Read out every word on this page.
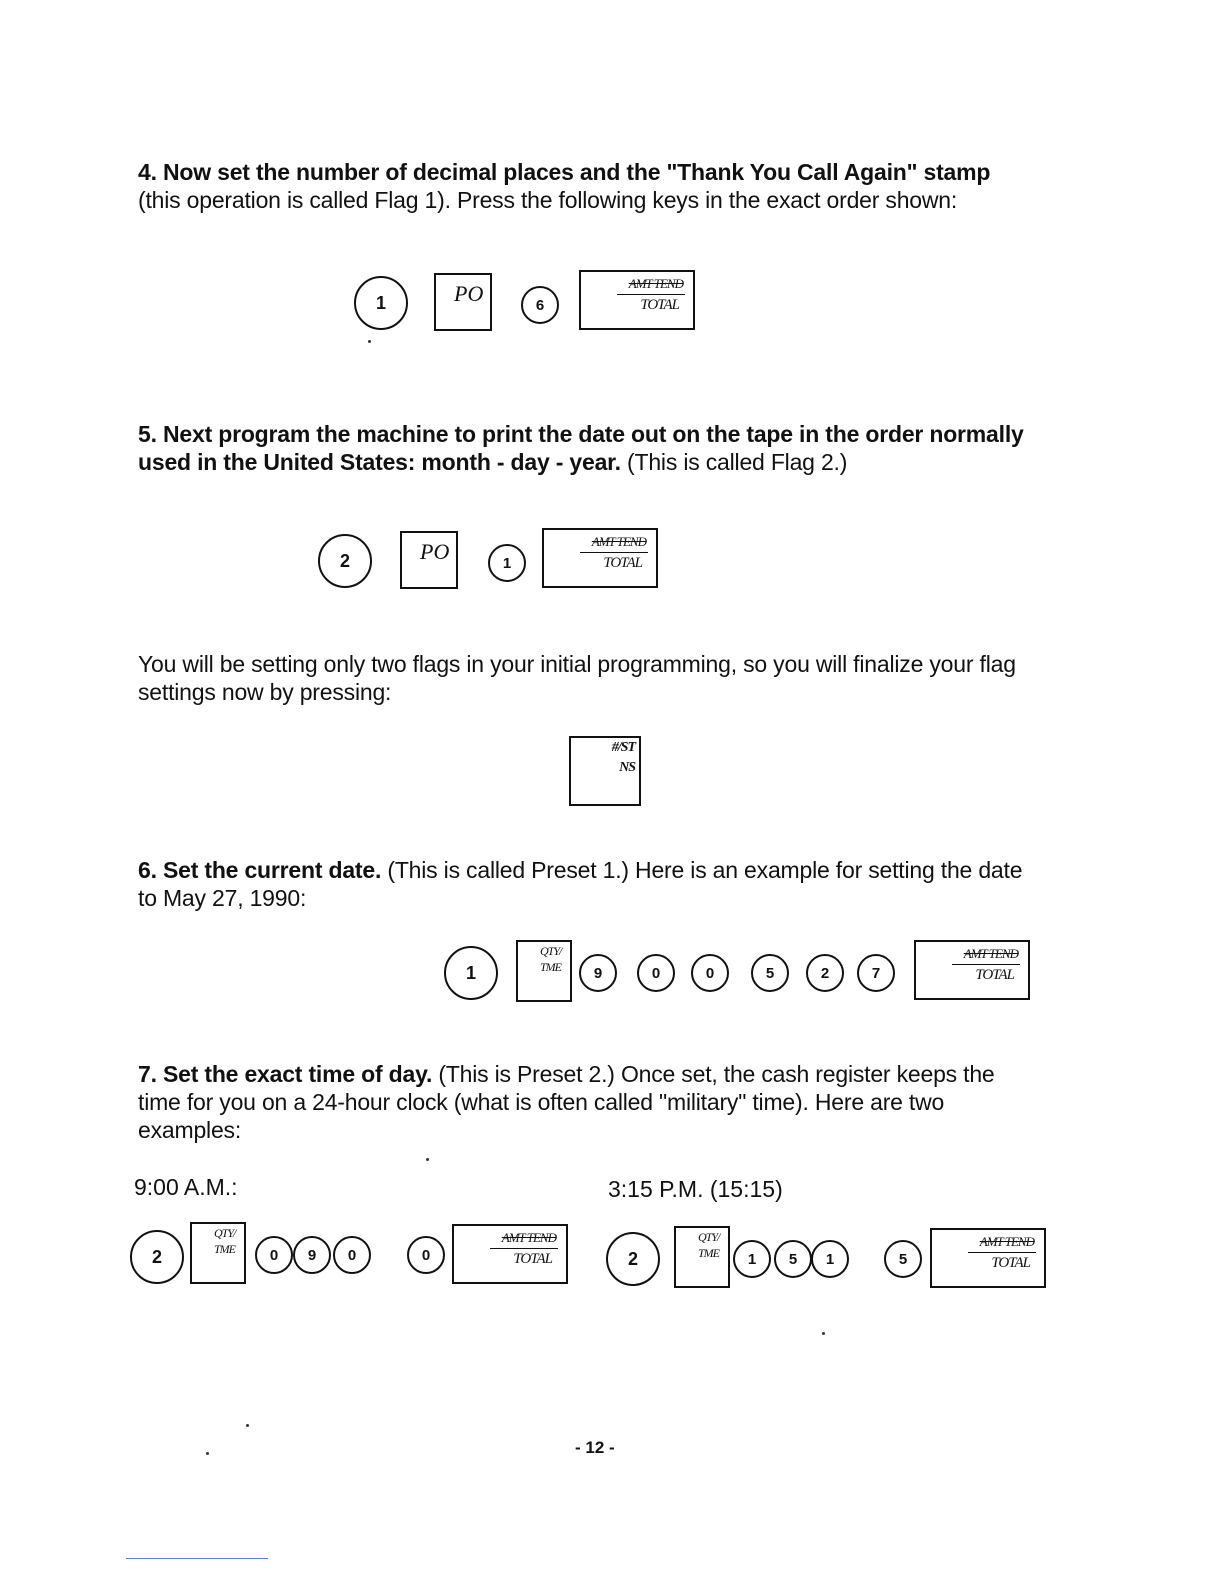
4. Now set the number of decimal places and the "Thank You Call Again" stamp (this operation is called Flag 1). Press the following keys in the exact order shown:
1	PO	6
AMT TEND
TOTAL
5. Next program the machine to print the date out on the tape in the order normally used in the United States: month - day - year. (This is called Flag 2.)
2	PO	1
AMT TEND
TOTAL
You will be setting only two flags in your initial programming, so you will finalize your flag settings now by pressing:
#/ST
NS
6. Set the current date. (This is called Preset 1.) Here is an example for setting the date to May 27, 1990:
1
QTY/
TME	9	0	0	5	2	7
AMT TEND
TOTAL
7. Set the exact time of day. (This is Preset 2.) Once set, the cash register keeps the time for you on a 24-hour clock (what is often called "military" time). Here are two examples:
9:00 A.M.:	3:15 P.M. (15:15)
2
QTY/
TME	0	9	0	0
AMT TEND
TOTAL	2
QTY/
TME	1	5	1	5
AMT TEND
TOTAL
- 12 -
